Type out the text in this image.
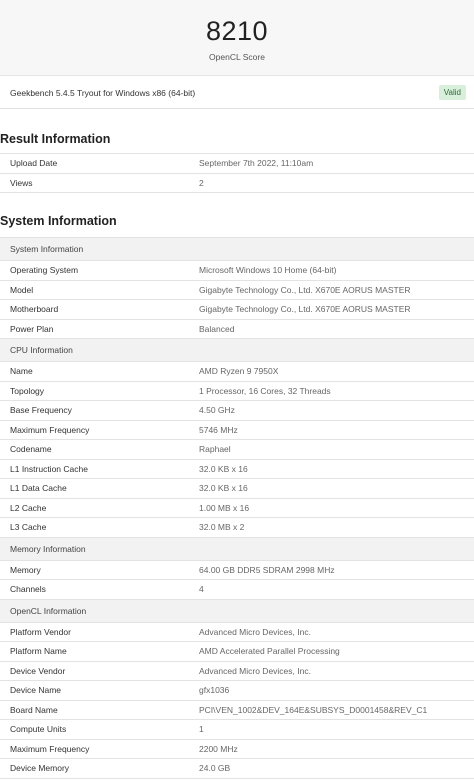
8210
OpenCL Score
Geekbench 5.4.5 Tryout for Windows x86 (64-bit)	Valid
Result Information
Upload Date	September 7th 2022, 11:10am
Views	2
System Information
System Information	
Operating System	Microsoft Windows 10 Home (64-bit)
Model	Gigabyte Technology Co., Ltd. X670E AORUS MASTER
Motherboard	Gigabyte Technology Co., Ltd. X670E AORUS MASTER
Power Plan	Balanced
CPU Information	
Name	AMD Ryzen 9 7950X
Topology	1 Processor, 16 Cores, 32 Threads
Base Frequency	4.50 GHz
Maximum Frequency	5746 MHz
Codename	Raphael
L1 Instruction Cache	32.0 KB x 16
L1 Data Cache	32.0 KB x 16
L2 Cache	1.00 MB x 16
L3 Cache	32.0 MB x 2
Memory Information	
Memory	64.00 GB DDR5 SDRAM 2998 MHz
Channels	4
OpenCL Information	
Platform Vendor	Advanced Micro Devices, Inc.
Platform Name	AMD Accelerated Parallel Processing
Device Vendor	Advanced Micro Devices, Inc.
Device Name	gfx1036
Board Name	PCI\VEN_1002&DEV_164E&SUBSYS_D0001458&REV_C1
Compute Units	1
Maximum Frequency	2200 MHz
Device Memory	24.0 GB
